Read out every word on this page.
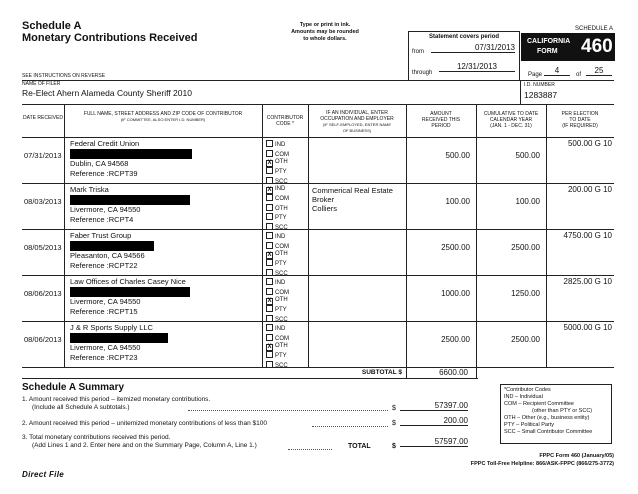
Schedule A
Monetary Contributions Received
Type or print in ink.
Amounts may be rounded
to whole dollars.
SCHEDULE A
Statement covers period
from	07/31/2013
through
12/31/2013
CALIFORNIA
FORM 460
Page	4	of	25
SEE INSTRUCTIONS ON REVERSE
NAME OF FILER
Re-Elect Ahern Alameda County Sheriff 2010
I.D. NUMBER
1283887
DATE RECEIVED
FULL NAME, STREET ADDRESS AND ZIP CODE OF CONTRIBUTOR
(IF COMMITTEE, ALSO ENTER I.D. NUMBER)	CONTRIBUTOR
CODE *
IF AN INDIVIDUAL, ENTER
OCCUPATION AND EMPLOYER
(IF SELF-EMPLOYED, ENTER NAME
OF BUSINESS)
AMOUNT
RECEIVED THIS
PERIOD
CUMULATIVE TO DATE
CALENDAR YEAR
(JAN. 1 - DEC. 31)
PER ELECTION
TO DATE
(IF REQUIRED)
07/31/2013
Federal Credit Union
Dublin, CA 94568
Reference :RCPT39
IND
COM
X OTH
PTY
SCC
500.00	500.00
500.00 G 10
08/03/2013
Mark Triska
Livermore, CA 94550
Reference :RCPT4
X IND
COM
OTH
PTY
SCC
Commerical Real Estate Broker
Colliers
100.00	100.00
200.00 G 10
08/05/2013
Faber Trust Group
Pleasanton, CA 94566
Reference :RCPT22
IND
COM
X OTH
PTY
SCC
2500.00	2500.00
4750.00 G 10
08/06/2013
Law Offices of Charles Casey Nice
Livermore, CA 94550
Reference :RCPT15
IND
COM
X OTH
PTY
SCC
1000.00	1250.00
2825.00 G 10
08/06/2013
J & R Sports Supply LLC
Livermore, CA 94550
Reference :RCPT23
IND
COM
X OTH
PTY
SCC
2500.00	2500.00
5000.00 G 10
SUBTOTAL $	6600.00
Schedule A Summary
1. Amount received this period – itemized monetary contributions.
(Include all Schedule A subtotals.)	$	57397.00
2. Amount received this period – unitemized monetary contributions of less than $100	$	200.00
3. Total monetary contributions received this period.
(Add Lines 1 and 2. Enter here and on the Summary Page, Column A, Line 1.)	TOTAL	$
57597.00
*Contributor Codes
IND – Individual
COM – Recipient Committee
(other than PTY or SCC)
OTH – Other (e.g., business entity)
PTY – Political Party
SCC – Small Contributor Committee
FPPC Form 460 (January/05)
FPPC Toll-Free Helpline: 866/ASK-FPPC (866/275-3772)
Direct File
